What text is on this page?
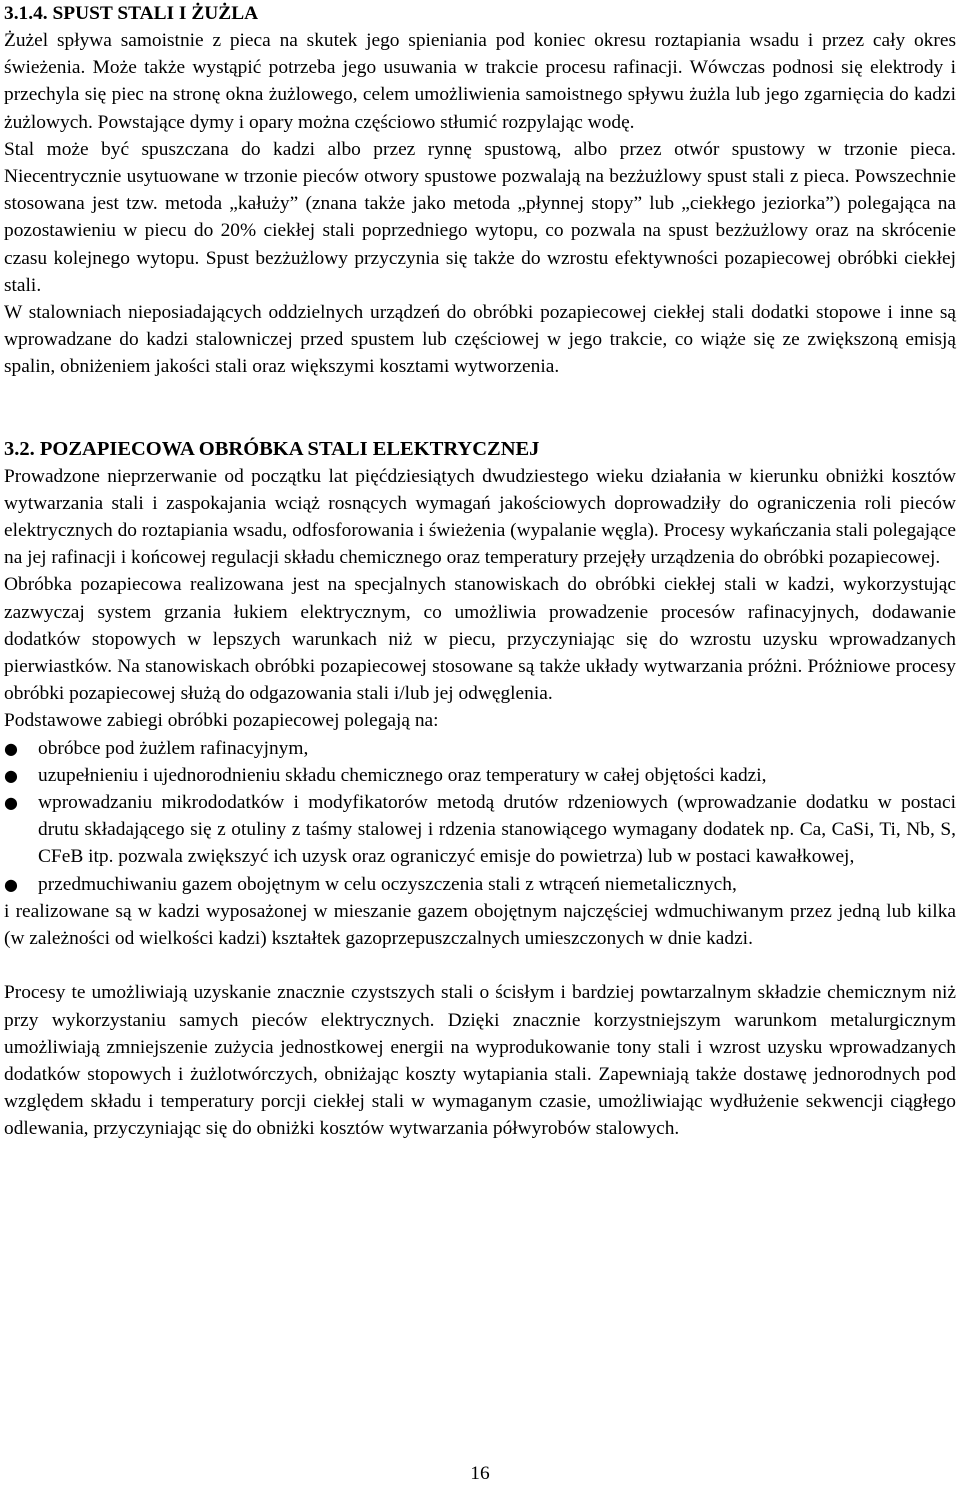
3.1.4. SPUST STALI I ŻUŻLA

Żużel spływa samoistnie z pieca na skutek jego spieniania pod koniec okresu roztapiania wsadu i przez cały okres świeżenia. Może także wystąpić potrzeba jego usuwania w trakcie procesu rafinacji. Wówczas podnosi się elektrody i przechyla się piec na stronę okna żużlowego, celem umożliwienia samoistnego spływu żużla lub jego zgarnięcia do kadzi żużlowych. Powstające dymy i opary można częściowo stłumić rozpylając wodę.

Stal może być spuszczana do kadzi albo przez rynnę spustową, albo przez otwór spustowy w trzonie pieca. Niecentrycznie usytuowane w trzonie pieców otwory spustowe pozwalają na bezżużlowy spust stali z pieca. Powszechnie stosowana jest tzw. metoda „kałuży” (znana także jako metoda „płynnej stopy” lub „ciekłego jeziorka”) polegająca na pozostawieniu w piecu do 20% ciekłej stali poprzedniego wytopu, co pozwala na spust bezżużlowy oraz na skrócenie czasu kolejnego wytopu. Spust bezżużlowy przyczynia się także do wzrostu efektywności pozapiecowej obróbki ciekłej stali.

W stalowniach nieposiadających oddzielnych urządzeń do obróbki pozapiecowej ciekłej stali dodatki stopowe i inne są wprowadzane do kadzi stalowniczej przed spustem lub częściowej w jego trakcie, co wiąże się ze zwiększoną emisją spalin, obniżeniem jakości stali oraz większymi kosztami wytworzenia.

3.2. POZAPIECOWA OBRÓBKA STALI ELEKTRYCZNEJ

Prowadzone nieprzerwanie od początku lat pięćdziesiątych dwudziestego wieku działania w kierunku obniżki kosztów wytwarzania stali i zaspokajania wciąż rosnących wymagań jakościowych doprowadziły do ograniczenia roli pieców elektrycznych do roztapiania wsadu, odfosforowania i świeżenia (wypalanie węgla). Procesy wykańczania stali polegające na jej rafinacji i końcowej regulacji składu chemicznego oraz temperatury przejęły urządzenia do obróbki pozapiecowej.

Obróbka pozapiecowa realizowana jest na specjalnych stanowiskach do obróbki ciekłej stali w kadzi, wykorzystując zazwyczaj system grzania łukiem elektrycznym, co umożliwia prowadzenie procesów rafinacyjnych, dodawanie dodatków stopowych w lepszych warunkach niż w piecu, przyczyniając się do wzrostu uzysku wprowadzanych pierwiastków. Na stanowiskach obróbki pozapiecowej stosowane są także układy wytwarzania próżni. Próżniowe procesy obróbki pozapiecowej służą do odgazowania stali i/lub jej odwęglenia.

Podstawowe zabiegi obróbki pozapiecowej polegają na:

●	obróbce pod żużlem rafinacyjnym,
●	uzupełnieniu i ujednorodnieniu składu chemicznego oraz temperatury w całej objętości kadzi,
●	wprowadzaniu mikrododatków i modyfikatorów metodą drutów rdzeniowych (wprowadzanie dodatku w postaci drutu składającego się z otuliny z taśmy stalowej i rdzenia stanowiącego wymagany dodatek np. Ca, CaSi, Ti, Nb, S, CFeB itp. pozwala zwiększyć ich uzysk oraz ograniczyć emisje do powietrza) lub w postaci kawałkowej,
●	przedmuchiwaniu gazem obojętnym w celu oczyszczenia stali z wtrąceń niemetalicznych,

i realizowane są w kadzi wyposażonej w mieszanie gazem obojętnym najczęściej wdmuchiwanym przez jedną lub kilka (w zależności od wielkości kadzi) kształtek gazoprzepuszczalnych umieszczonych w dnie kadzi.

Procesy te umożliwiają uzyskanie znacznie czystszych stali o ścisłym i bardziej powtarzalnym składzie chemicznym niż przy wykorzystaniu samych pieców elektrycznych. Dzięki znacznie korzystniejszym warunkom metalurgicznym umożliwiają zmniejszenie zużycia jednostkowej energii na wyprodukowanie tony stali i wzrost uzysku wprowadzanych dodatków stopowych i żużlotwórczych, obniżając koszty wytapiania stali. Zapewniają także dostawę jednorodnych pod względem składu i temperatury porcji ciekłej stali w wymaganym czasie, umożliwiając wydłużenie sekwencji ciągłego odlewania, przyczyniając się do obniżki kosztów wytwarzania półwyrobów stalowych.

16
